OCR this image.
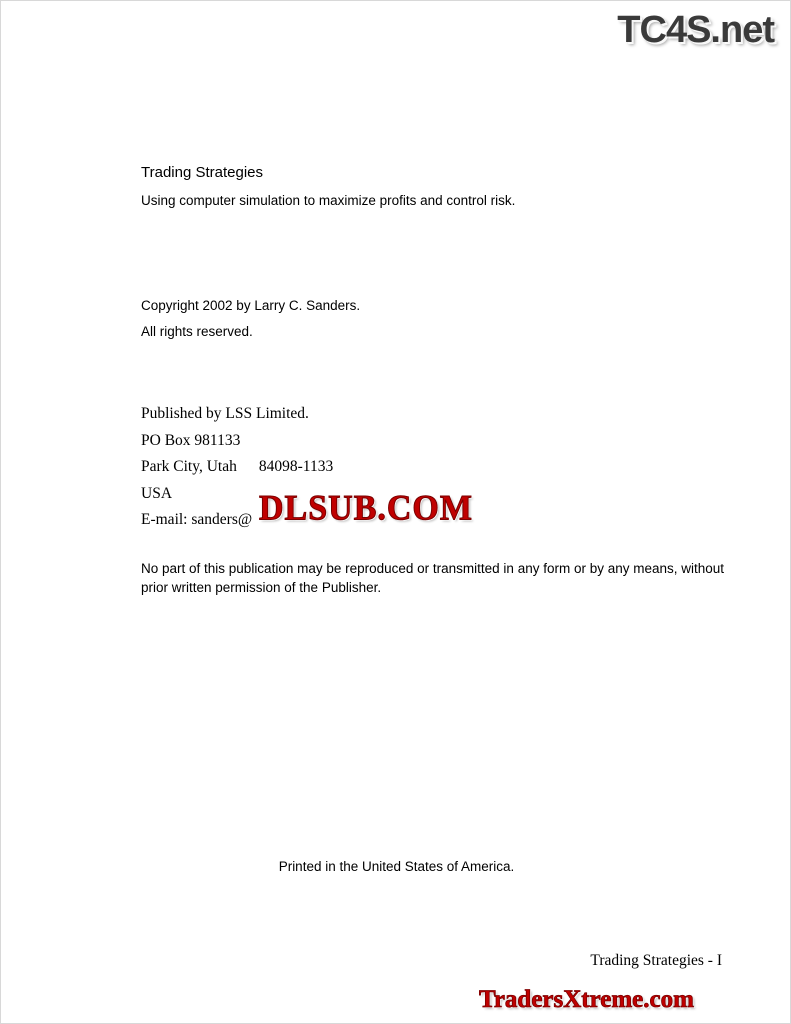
TC4S.net
Trading Strategies
Using computer simulation to maximize profits and control risk.
Copyright 2002 by Larry C. Sanders.
All rights reserved.
Published by LSS Limited.
PO Box 981133
Park City, Utah 84098-1133
USA
E-mail: sanders@ DLSUB.COM
No part of this publication may be reproduced or transmitted in any form or by any means, without prior written permission of the Publisher.
Printed in the United States of America.
Trading Strategies - I
TradersXtreme.com
